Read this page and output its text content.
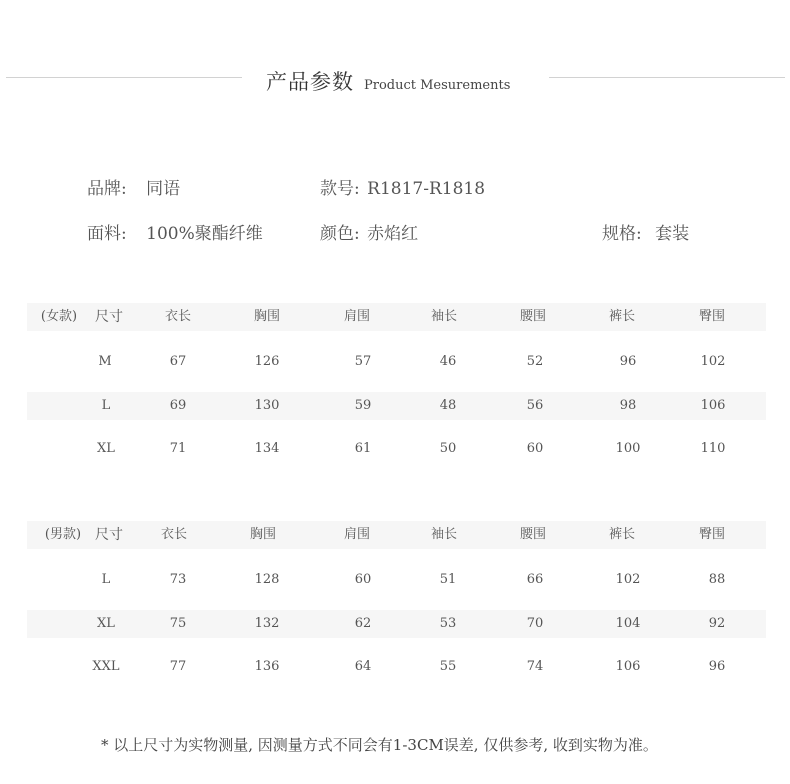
产品参数 Product Mesurements
品牌: 同语	款号: R1817-R1818
面料: 100%聚酯纤维	颜色: 赤焰红	规格: 套装
(女款) 尺寸	衣长	胸围	肩围	袖长	腰围	裤长	臀围
M	67	126	57	46	52	96	102
L	69	130	59	48	56	98	106
XL	71	134	61	50	60	100	110
(男款) 尺寸	衣长	胸围	肩围	袖长	腰围	裤长	臀围
L	73	128	60	51	66	102	88
XL	75	132	62	53	70	104	92
XXL	77	136	64	55	74	106	96
* 以上尺寸为实物测量, 因测量方式不同会有1-3CM误差, 仅供参考, 收到实物为准。
